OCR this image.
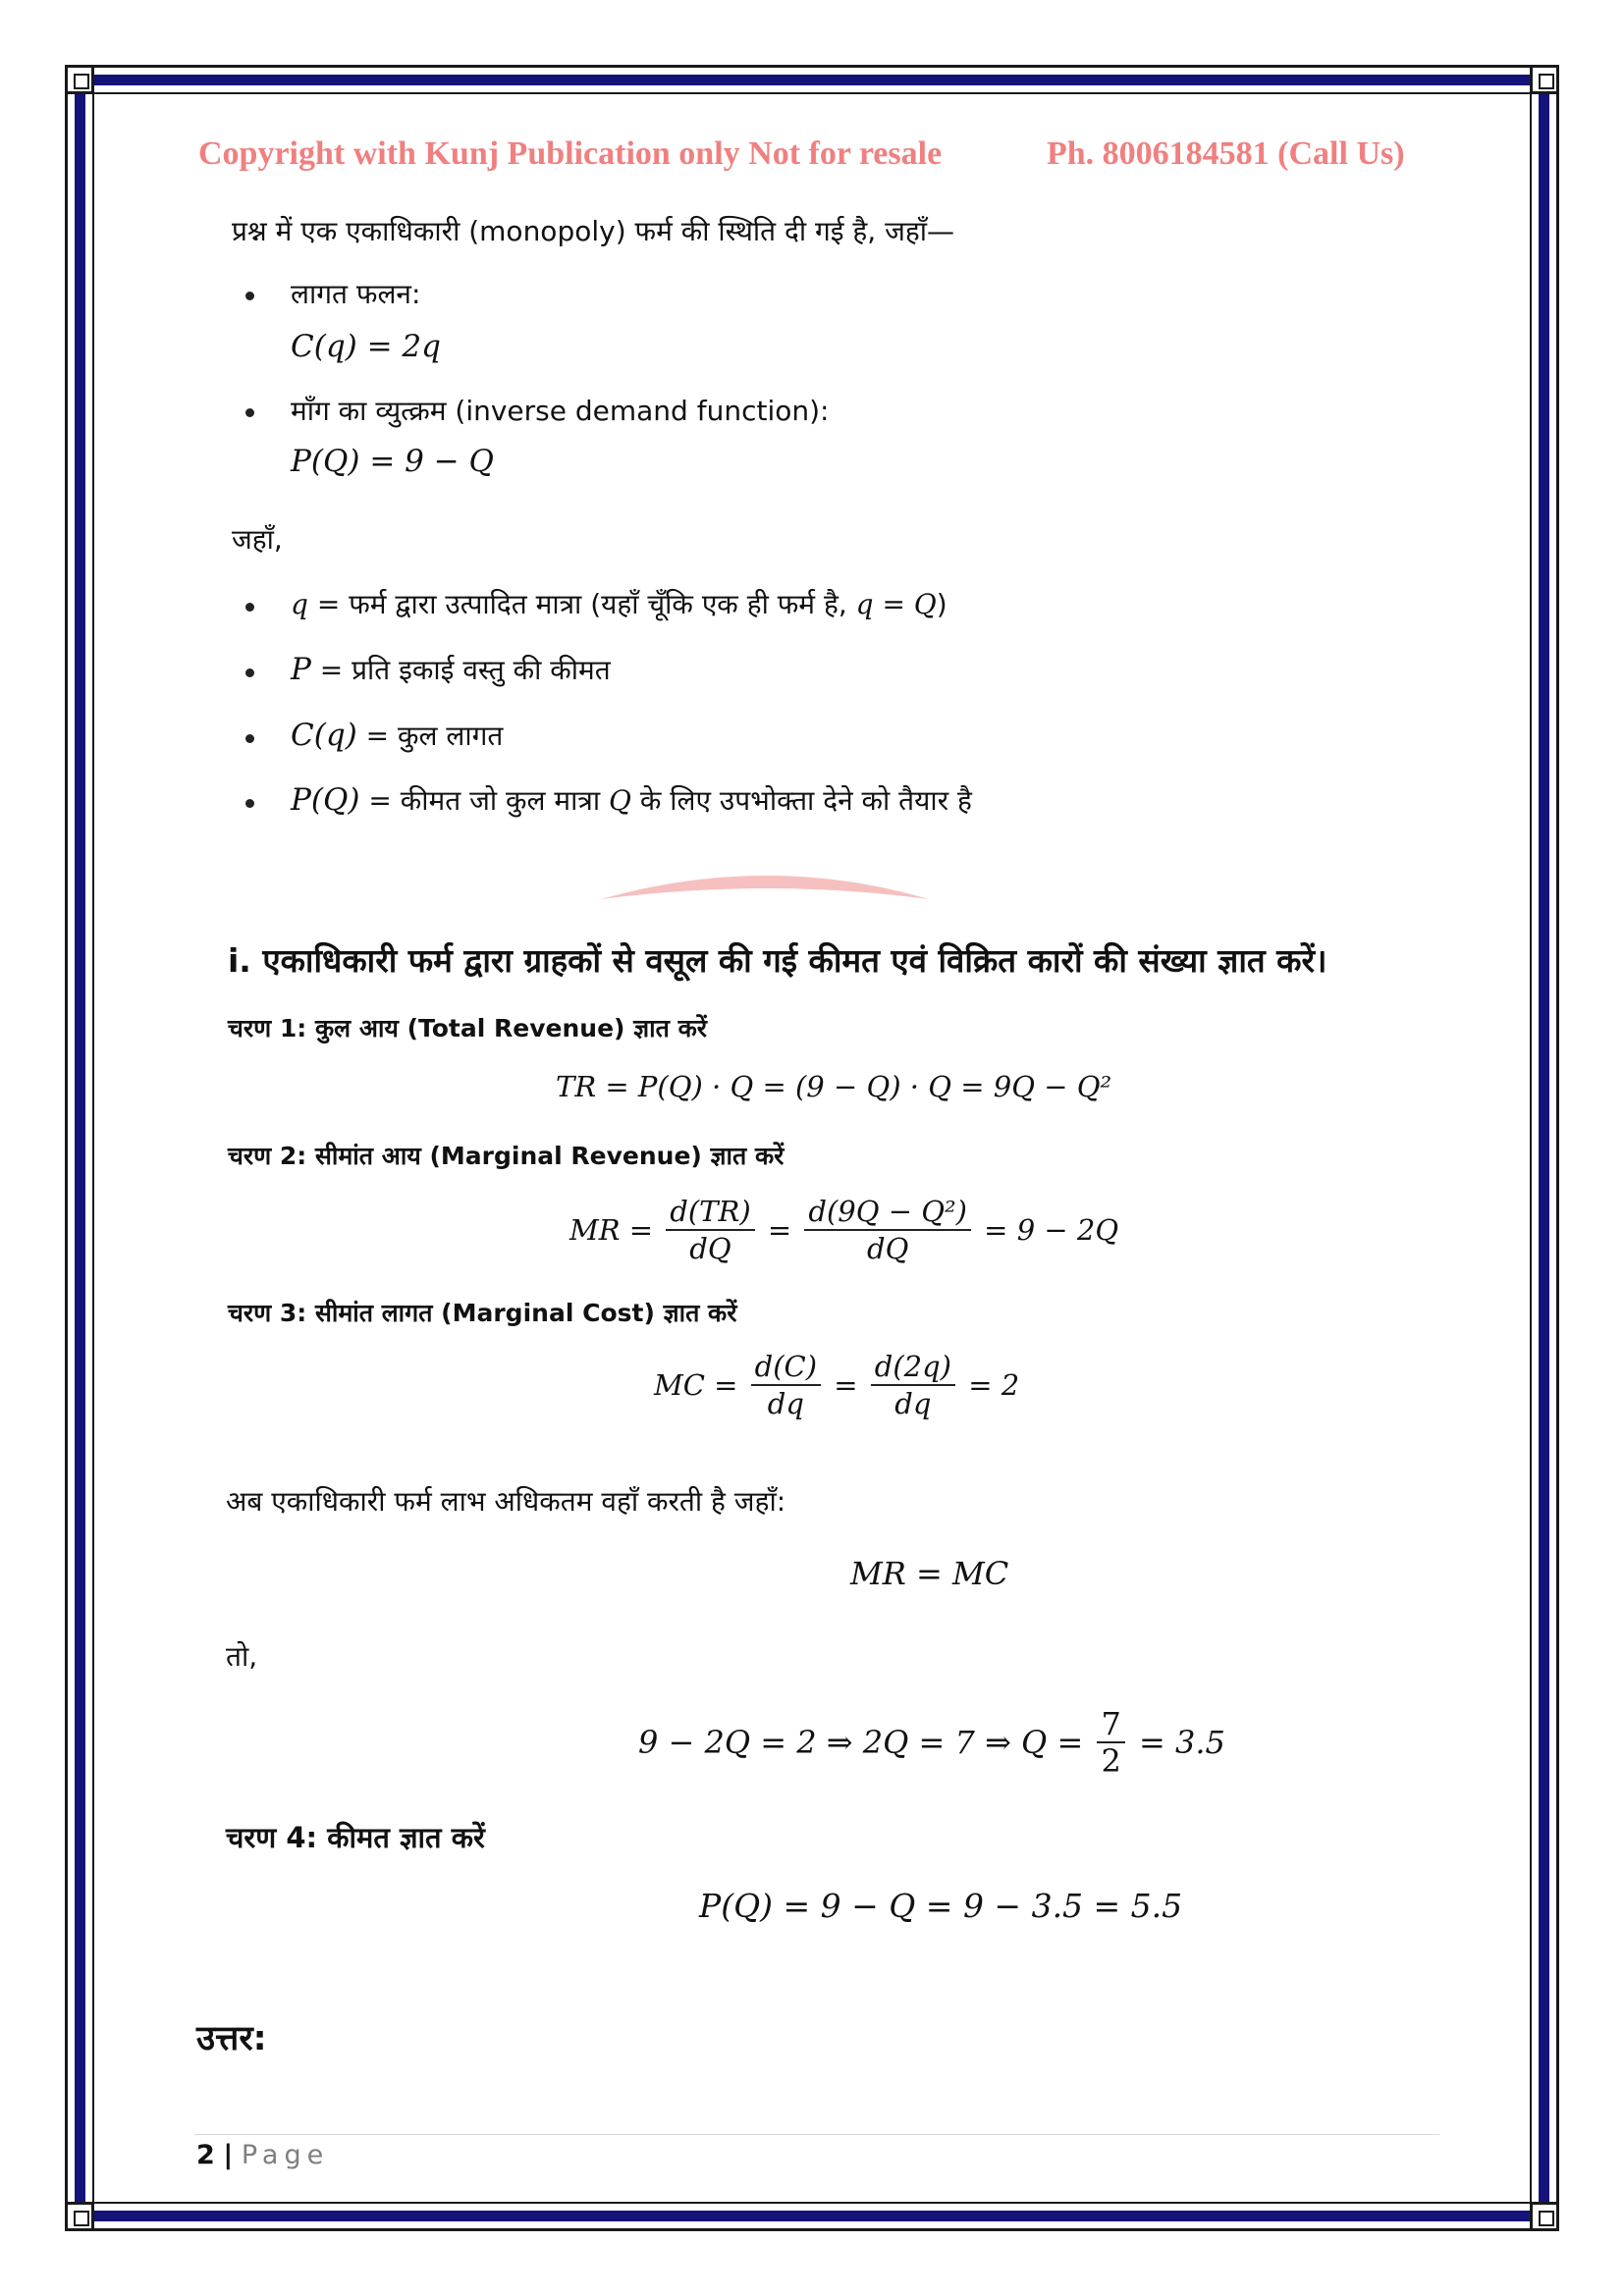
Copyright with Kunj Publication only Not for resale	Ph. 8006184581 (Call Us)
प्रश्न में एक एकाधिकारी (monopoly) फर्म की स्थिति दी गई है, जहाँ—
लागत फलन:
C(q) = 2q
माँग का व्युत्क्रम (inverse demand function):
P(Q) = 9 − Q
जहाँ,
q = फर्म द्वारा उत्पादित मात्रा (यहाँ चूँकि एक ही फर्म है, q = Q)
P = प्रति इकाई वस्तु की कीमत
C(q) = कुल लागत
P(Q) = कीमत जो कुल मात्रा Q के लिए उपभोक्ता देने को तैयार है
i. एकाधिकारी फर्म द्वारा ग्राहकों से वसूल की गई कीमत एवं विक्रित कारों की संख्या ज्ञात करें।
चरण 1: कुल आय (Total Revenue) ज्ञात करें
TR = P(Q) · Q = (9 − Q) · Q = 9Q − Q²
चरण 2: सीमांत आय (Marginal Revenue) ज्ञात करें
MR = $\frac{d(TR)}{dQ} = \frac{\text{d(9Q − Q²)}}{dQ} = 9 - 2Q$
चरण 3: सीमांत लागत (Marginal Cost) ज्ञात करें
MC = $\frac{d(C)}{dq} = \frac{d(2q)}{dq} = 2$
अब एकाधिकारी फर्म लाभ अधिकतम वहाँ करती है जहाँ:
MR = MC
तो,
9 − 2Q = 2 ⇒ 2Q = 7 ⇒ $Q = \frac{7}{2} = 3.5$
चरण 4: कीमत ज्ञात करें
P(Q) = 9 − Q = 9 − 3.5 = 5.5
उत्तर:
2 | Page
